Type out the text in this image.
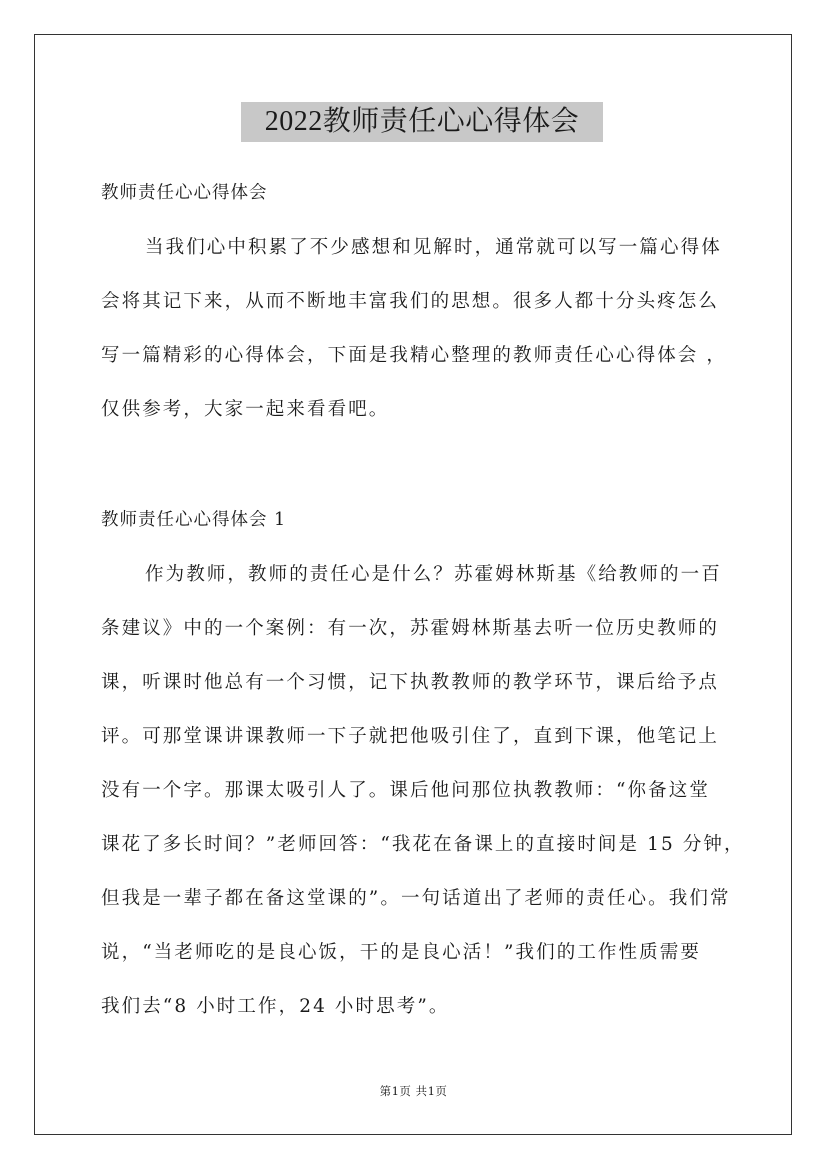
2022教师责任心心得体会
教师责任心心得体会
当我们心中积累了不少感想和见解时，通常就可以写一篇心得体
会将其记下来，从而不断地丰富我们的思想。很多人都十分头疼怎么
写一篇精彩的心得体会，下面是我精心整理的教师责任心心得体会 ，
仅供参考，大家一起来看看吧。
教师责任心心得体会 1
作为教师，教师的责任心是什么？苏霍姆林斯基《给教师的一百
条建议》中的一个案例：有一次，苏霍姆林斯基去听一位历史教师的
课，听课时他总有一个习惯，记下执教教师的教学环节，课后给予点
评。可那堂课讲课教师一下子就把他吸引住了，直到下课，他笔记上
没有一个字。那课太吸引人了。课后他问那位执教教师：“你备这堂
课花了多长时间？”老师回答：“我花在备课上的直接时间是 15 分钟，
但我是一辈子都在备这堂课的”。一句话道出了老师的责任心。我们常
说，“当老师吃的是良心饭，干的是良心活！”我们的工作性质需要
我们去“8 小时工作，24 小时思考”。
第1页 共1页
